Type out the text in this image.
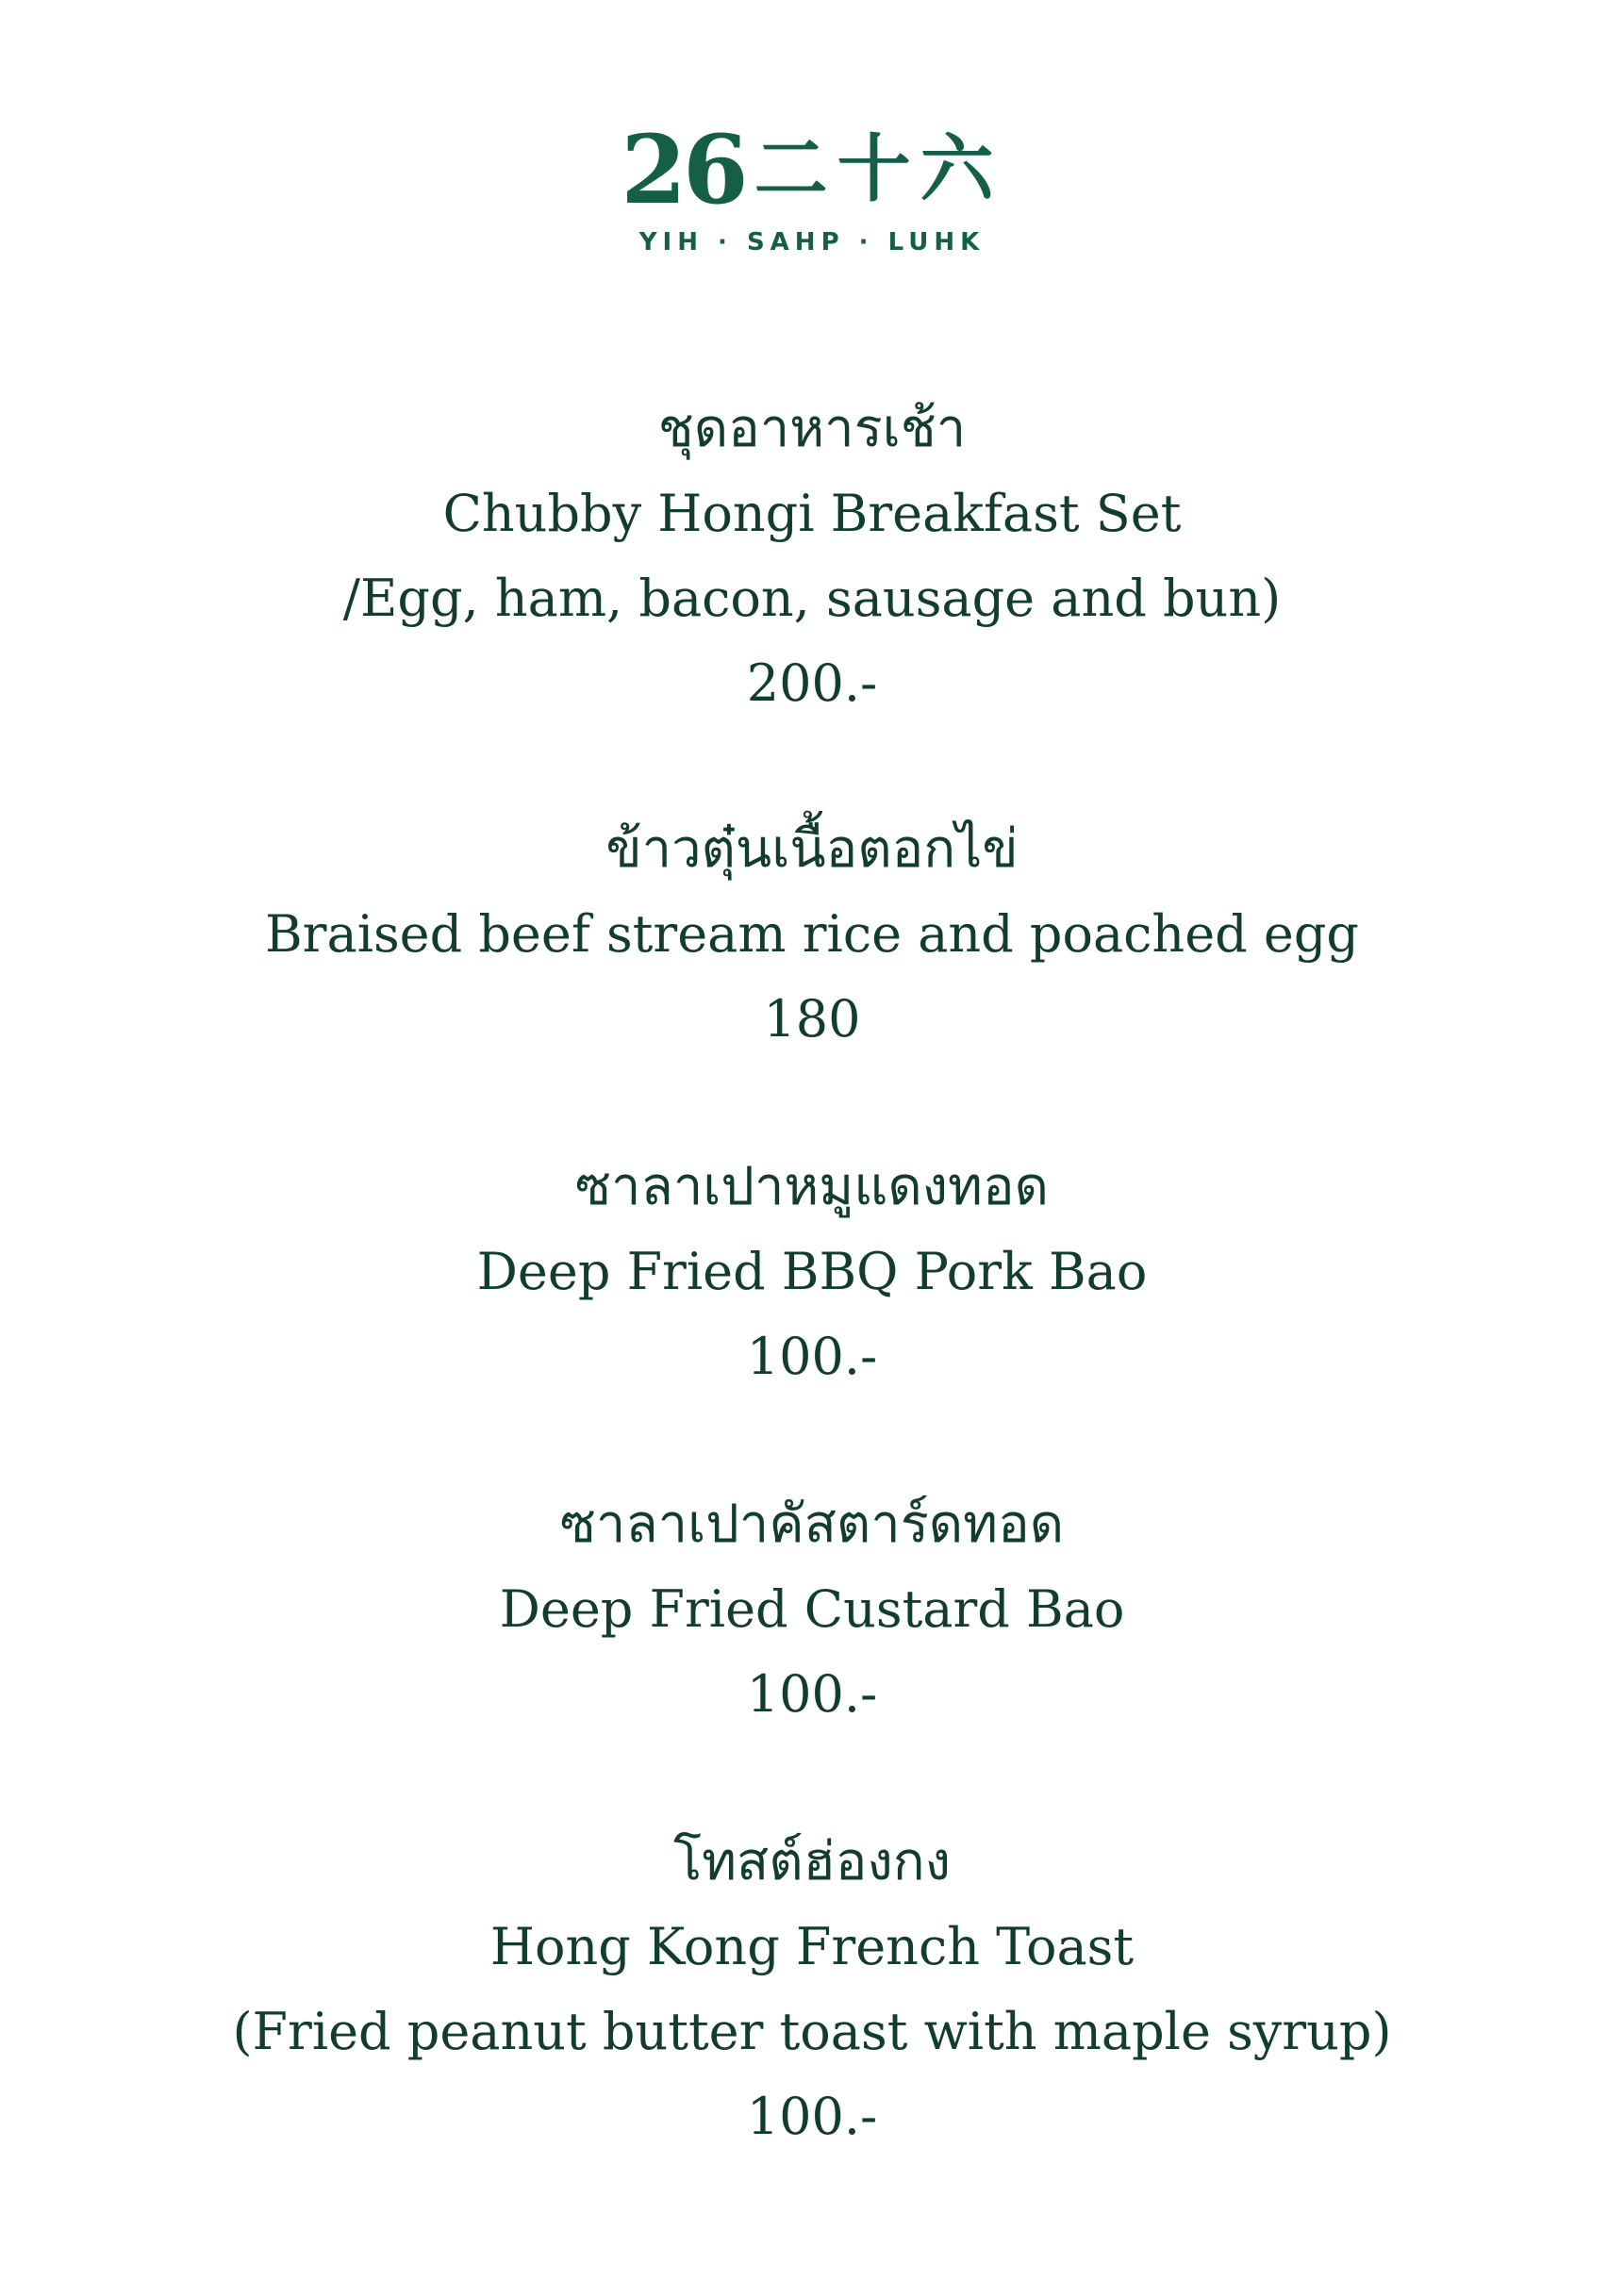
26 二十六
YIH · SAHP · LUHK
ชุดอาหารเช้า
Chubby Hongi Breakfast Set
/Egg, ham, bacon, sausage and bun)
200.-
ข้าวตุ๋นเนื้อตอกไข่
Braised beef stream rice and poached egg
180
ซาลาเปาหมูแดงทอด
Deep Fried BBQ Pork Bao
100.-
ซาลาเปาคัสตาร์ดทอด
Deep Fried Custard Bao
100.-
โทสต์ฮ่องกง
Hong Kong French Toast
(Fried peanut butter toast with maple syrup)
100.-
